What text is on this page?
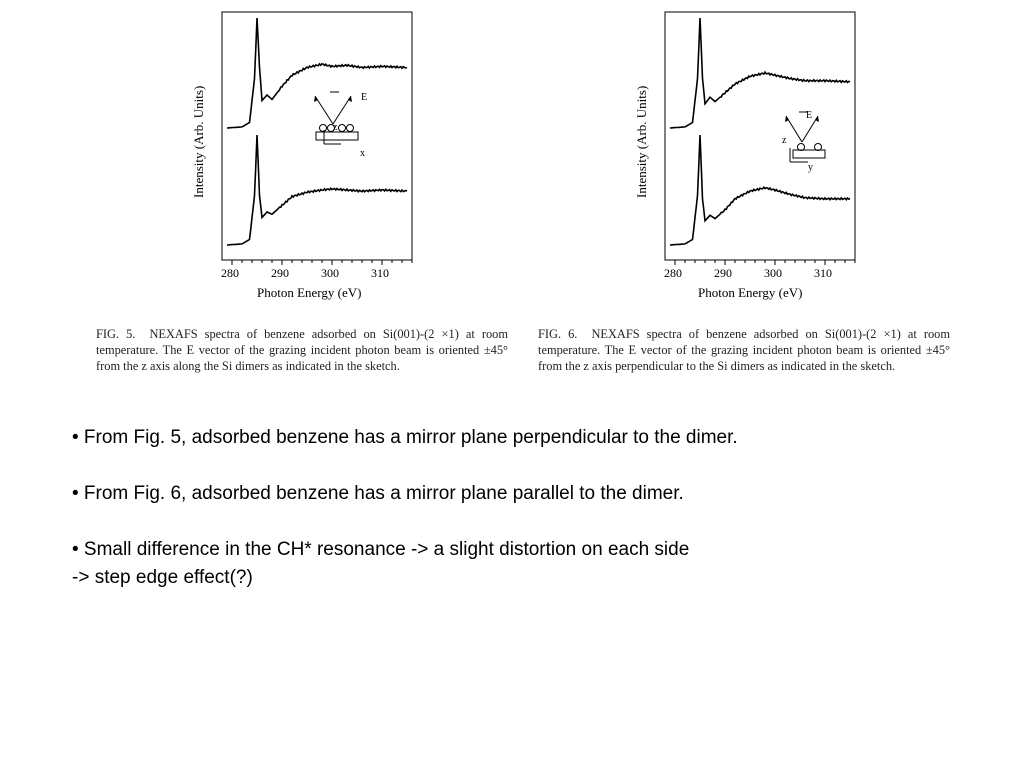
Intensity (Arb. Units)
280	290	300	310
Photon Energy (eV)
E
z
x	Intensity (Arb. Units)
280	290	300	310
Photon Energy (eV)
E
z
y
FIG. 5. NEXAFS spectra of benzene adsorbed on Si(001)-(2 ×1) at room temperature. The E vector of the grazing incident photon beam is oriented ±45° from the z axis along the Si dimers as indicated in the sketch.
FIG. 6. NEXAFS spectra of benzene adsorbed on Si(001)-(2 ×1) at room temperature. The E vector of the grazing incident photon beam is oriented ±45° from the z axis perpendicular to the Si dimers as indicated in the sketch.
• From Fig. 5, adsorbed benzene has a mirror plane perpendicular to the dimer.
• From Fig. 6, adsorbed benzene has a mirror plane parallel to the dimer.
• Small difference in the CH* resonance -> a slight distortion on each side
-> step edge effect(?)
